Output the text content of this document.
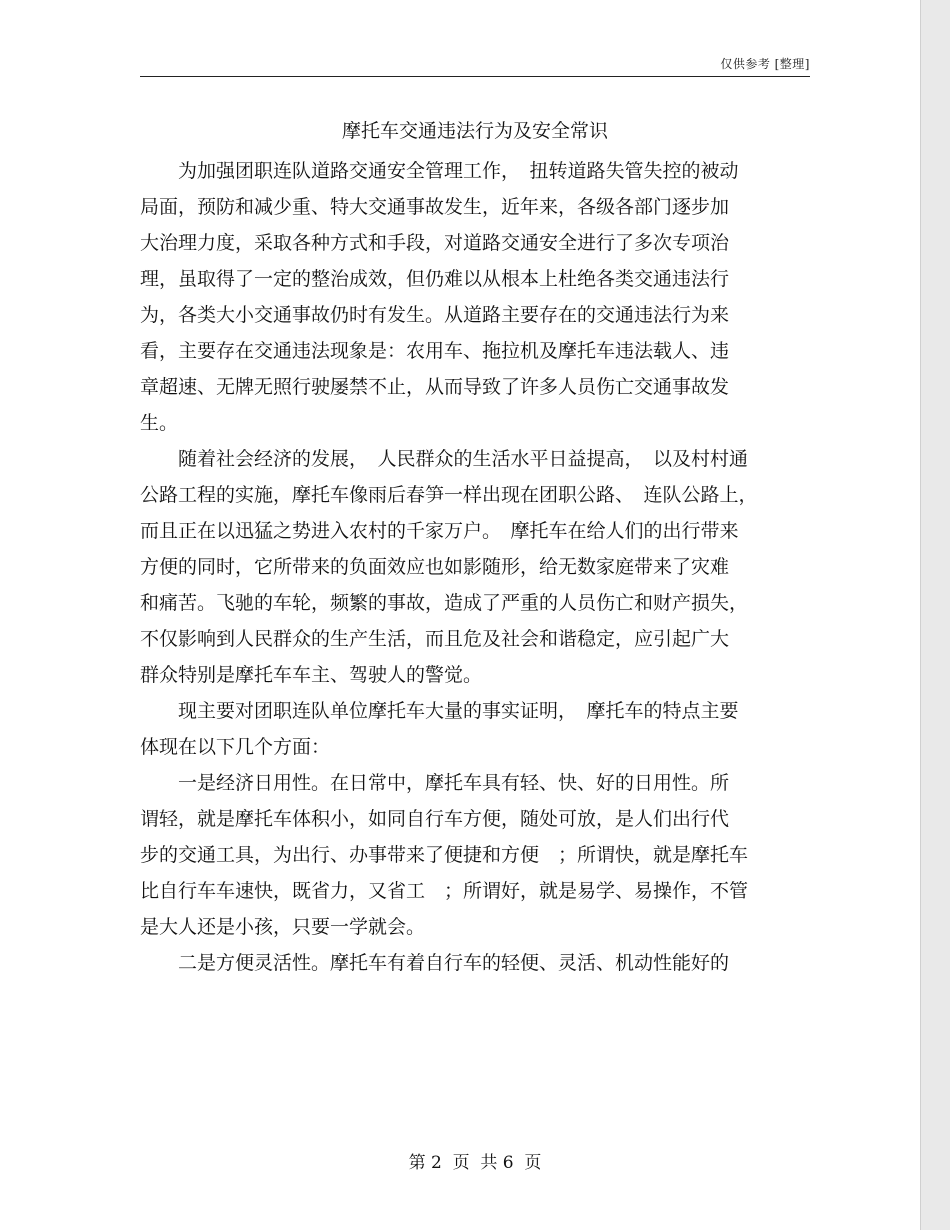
仅供参考 [整理]
摩托车交通违法行为及安全常识
　　为加强团职连队道路交通安全管理工作，　扭转道路失管失控的被动
局面，预防和减少重、特大交通事故发生，近年来，各级各部门逐步加
大治理力度，采取各种方式和手段，对道路交通安全进行了多次专项治
理，虽取得了一定的整治成效，但仍难以从根本上杜绝各类交通违法行
为，各类大小交通事故仍时有发生。从道路主要存在的交通违法行为来
看，主要存在交通违法现象是：农用车、拖拉机及摩托车违法载人、违
章超速、无牌无照行驶屡禁不止，从而导致了许多人员伤亡交通事故发
生。
　　随着社会经济的发展，　人民群众的生活水平日益提高，　以及村村通
公路工程的实施，摩托车像雨后春笋一样出现在团职公路、　连队公路上，
而且正在以迅猛之势进入农村的千家万户。　摩托车在给人们的出行带来
方便的同时，它所带来的负面效应也如影随形，给无数家庭带来了灾难
和痛苦。飞驰的车轮，频繁的事故，造成了严重的人员伤亡和财产损失，
不仅影响到人民群众的生产生活，而且危及社会和谐稳定，应引起广大
群众特别是摩托车车主、驾驶人的警觉。
　　现主要对团职连队单位摩托车大量的事实证明，　摩托车的特点主要
体现在以下几个方面：
　　一是经济日用性。在日常中，摩托车具有轻、快、好的日用性。所
谓轻，就是摩托车体积小，如同自行车方便，随处可放，是人们出行代
步的交通工具，为出行、办事带来了便捷和方便　；所谓快，就是摩托车
比自行车车速快，既省力，又省工　；所谓好，就是易学、易操作，不管
是大人还是小孩，只要一学就会。
　　二是方便灵活性。摩托车有着自行车的轻便、灵活、机动性能好的
第 2  页  共 6  页
